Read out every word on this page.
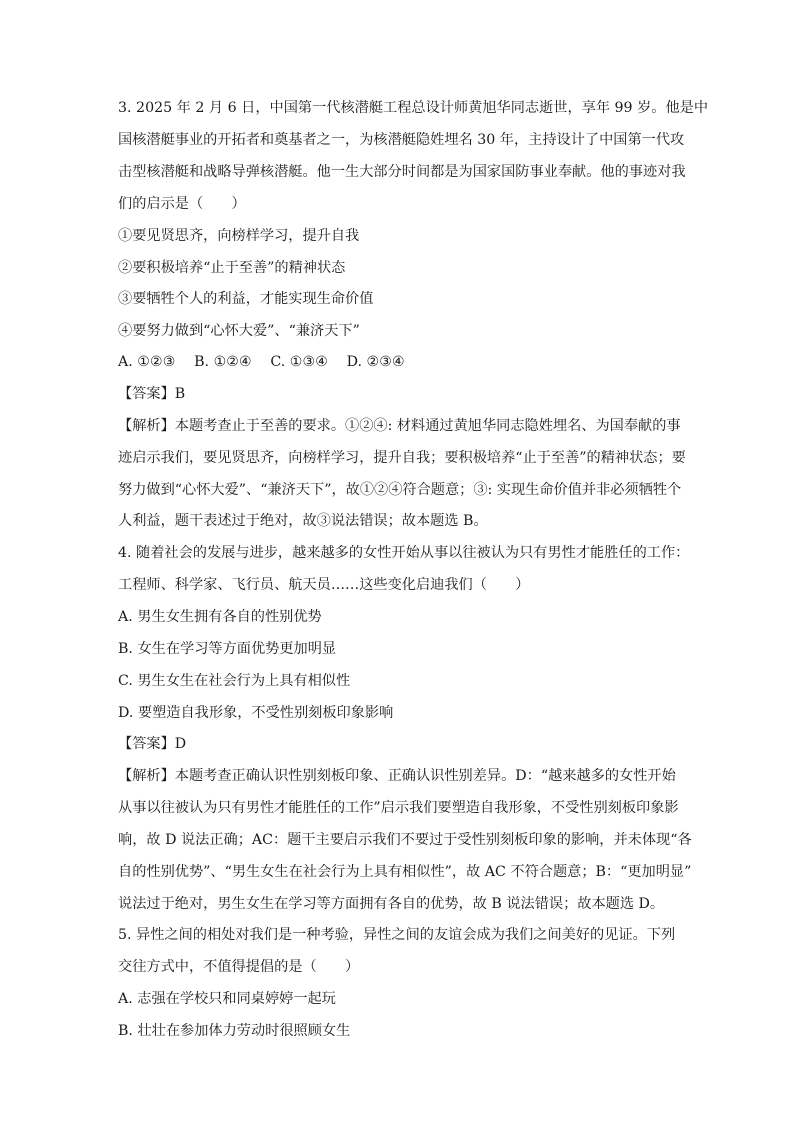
3. 2025 年 2 月 6 日，中国第一代核潜艇工程总设计师黄旭华同志逝世，享年 99 岁。他是中
国核潜艇事业的开拓者和奠基者之一，为核潜艇隐姓埋名 30 年，主持设计了中国第一代攻
击型核潜艇和战略导弹核潜艇。他一生大部分时间都是为国家国防事业奉献。他的事迹对我
们的启示是（　　）
①要见贤思齐，向榜样学习，提升自我
②要积极培养“止于至善”的精神状态
③要牺牲个人的利益，才能实现生命价值
④要努力做到“心怀大爱”、“兼济天下”
A. ①②③　 B. ①②④　 C. ①③④　 D. ②③④
【答案】B
【解析】本题考查止于至善的要求。①②④: 材料通过黄旭华同志隐姓埋名、为国奉献的事
迹启示我们，要见贤思齐，向榜样学习，提升自我；要积极培养“止于至善”的精神状态；要
努力做到“心怀大爱”、“兼济天下”，故①②④符合题意；③: 实现生命价值并非必须牺牲个
人利益，题干表述过于绝对，故③说法错误；故本题选 B。
4. 随着社会的发展与进步，越来越多的女性开始从事以往被认为只有男性才能胜任的工作：
工程师、科学家、飞行员、航天员……这些变化启迪我们（　　）
A. 男生女生拥有各自的性别优势
B. 女生在学习等方面优势更加明显
C. 男生女生在社会行为上具有相似性
D. 要塑造自我形象，不受性别刻板印象影响
【答案】D
【解析】本题考查正确认识性别刻板印象、正确认识性别差异。D：“越来越多的女性开始
从事以往被认为只有男性才能胜任的工作”启示我们要塑造自我形象，不受性别刻板印象影
响，故 D 说法正确；AC：题干主要启示我们不要过于受性别刻板印象的影响，并未体现“各
自的性别优势”、“男生女生在社会行为上具有相似性”，故 AC 不符合题意；B：“更加明显”
说法过于绝对，男生女生在学习等方面拥有各自的优势，故 B 说法错误；故本题选 D。
5. 异性之间的相处对我们是一种考验，异性之间的友谊会成为我们之间美好的见证。下列
交往方式中，不值得提倡的是（　　）
A. 志强在学校只和同桌婷婷一起玩
B. 壮壮在参加体力劳动时很照顾女生
